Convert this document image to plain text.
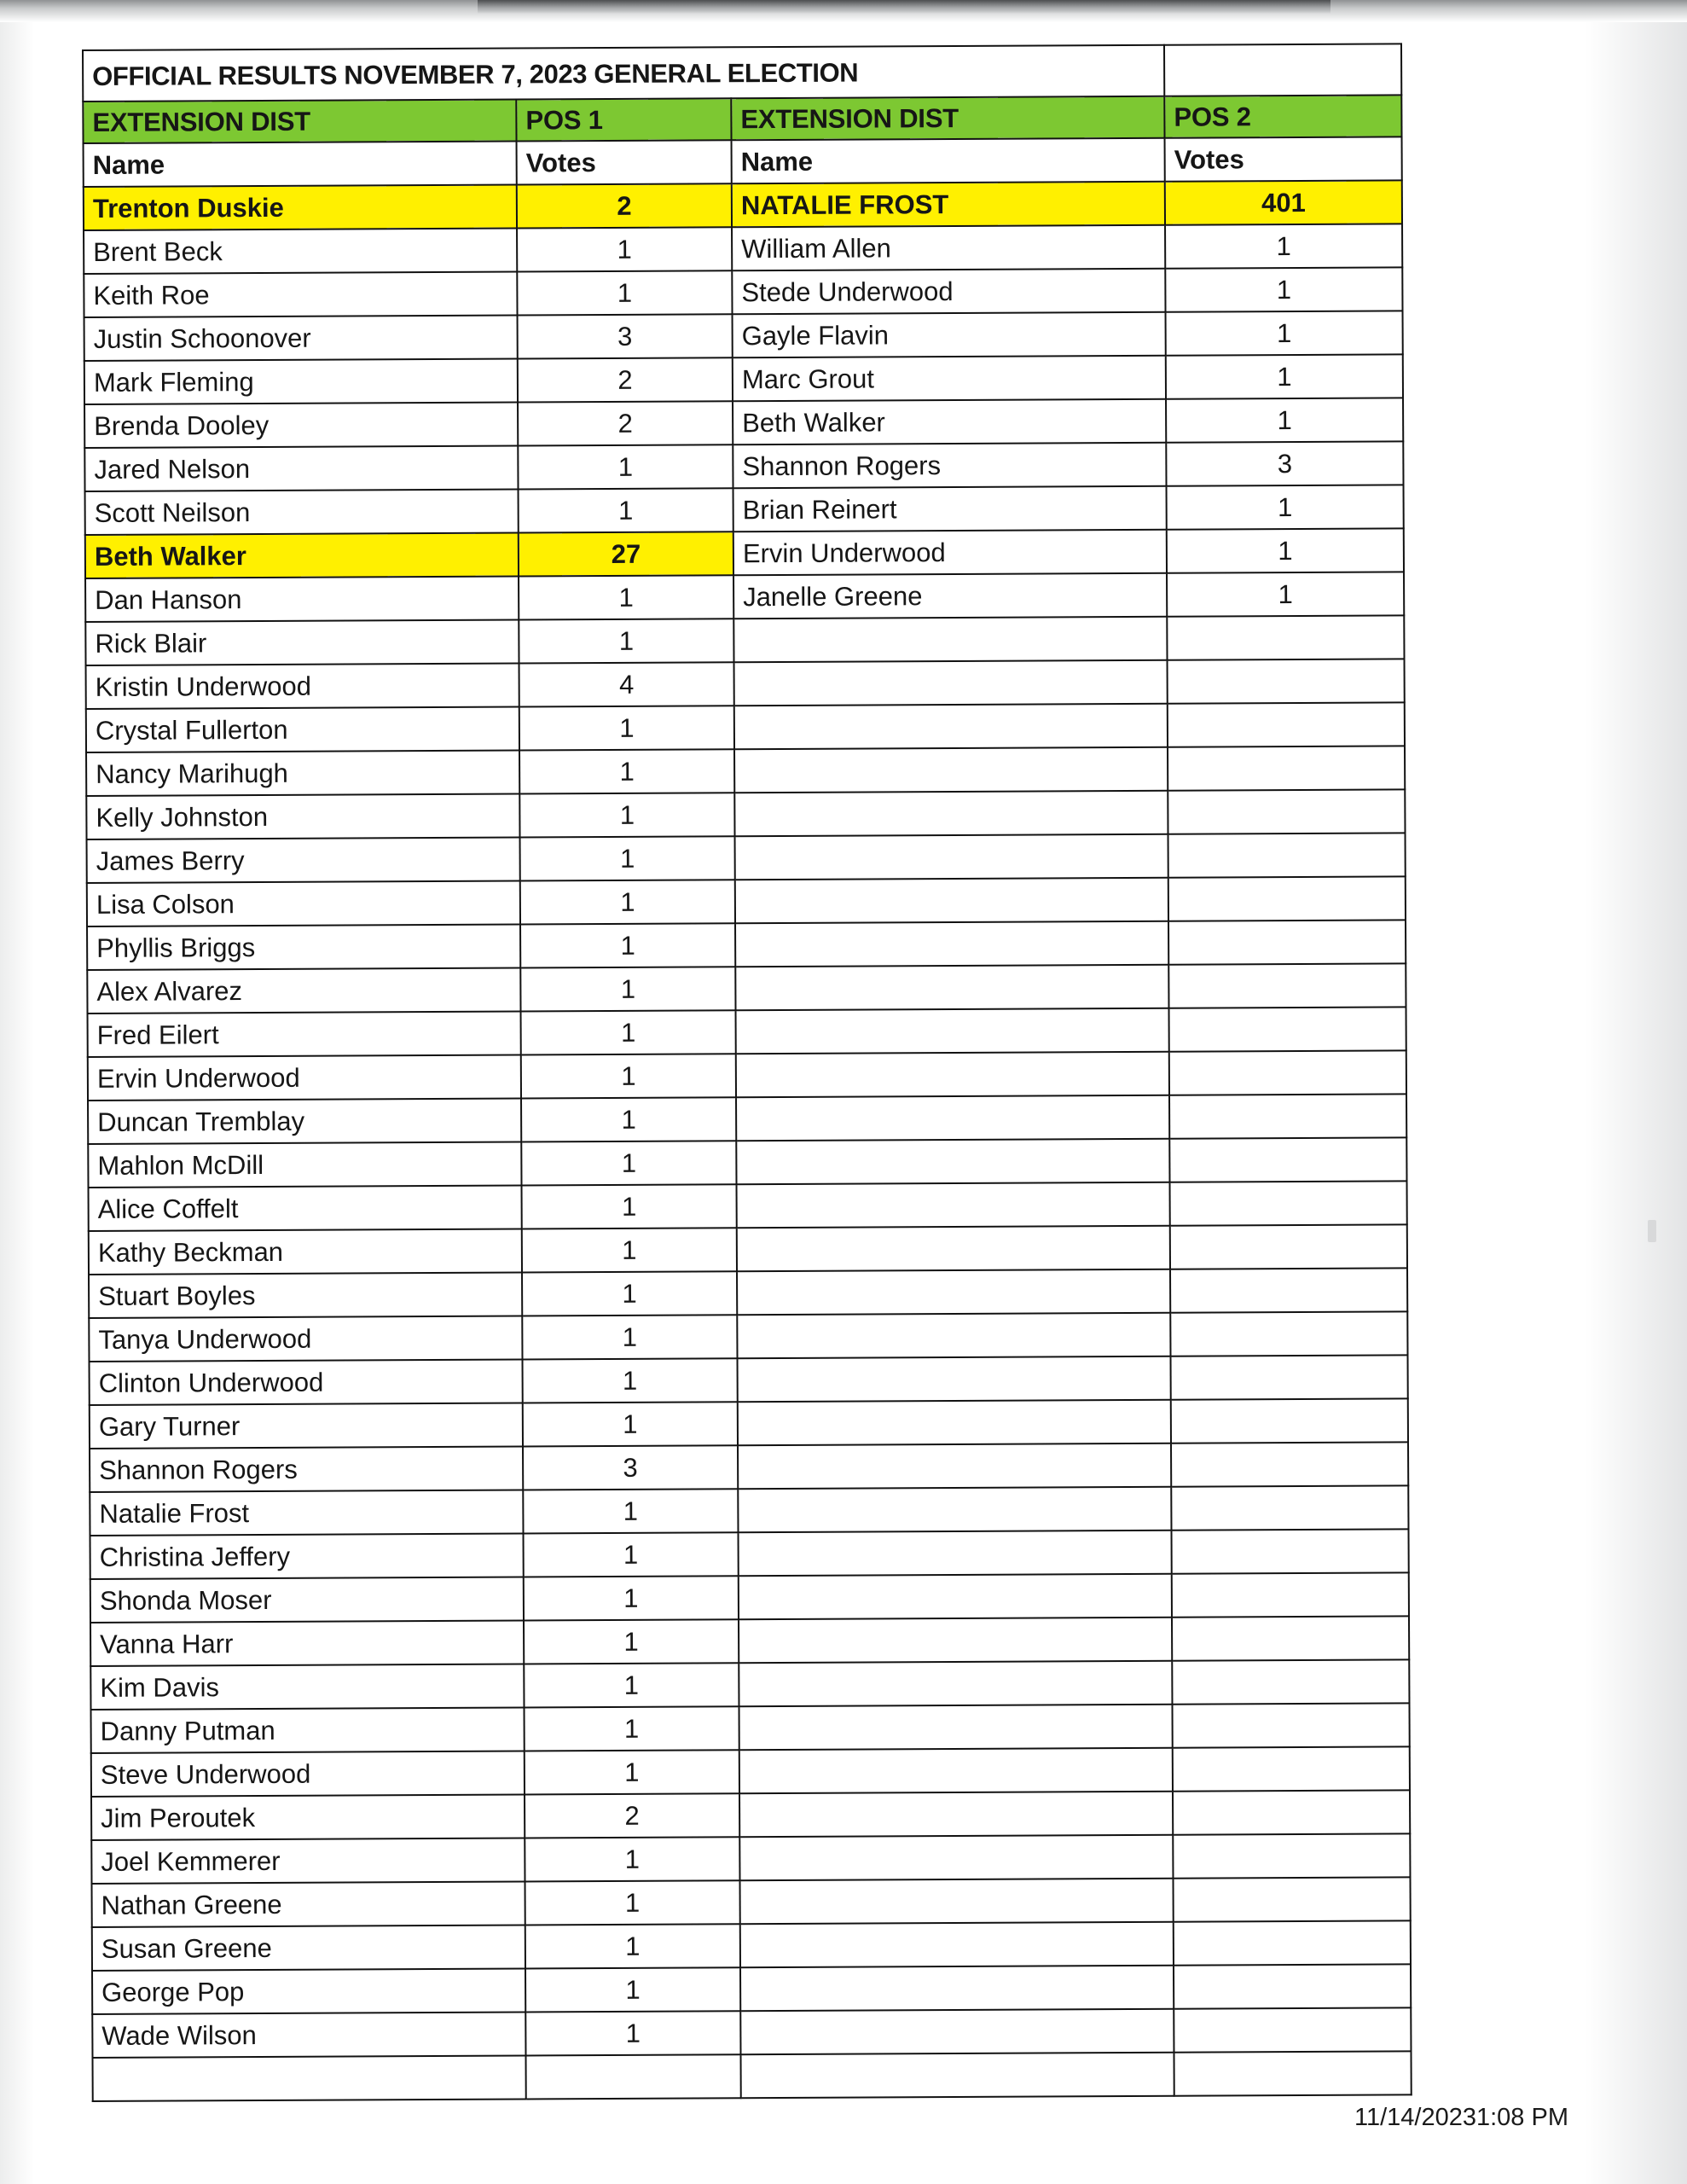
OFFICIAL RESULTS NOVEMBER 7, 2023 GENERAL ELECTION			
EXTENSION DIST	POS 1	EXTENSION DIST	POS 2
Name	Votes	Name	Votes
Trenton Duskie	2	NATALIE FROST	401
Brent Beck	1	William Allen	1
Keith Roe	1	Stede Underwood	1
Justin Schoonover	3	Gayle Flavin	1
Mark Fleming	2	Marc Grout	1
Brenda Dooley	2	Beth Walker	1
Jared Nelson	1	Shannon Rogers	3
Scott Neilson	1	Brian Reinert	1
Beth Walker	27	Ervin Underwood	1
Dan Hanson	1	Janelle Greene	1
Rick Blair	1		
Kristin Underwood	4		
Crystal Fullerton	1		
Nancy Marihugh	1		
Kelly Johnston	1		
James Berry	1		
Lisa Colson	1		
Phyllis Briggs	1		
Alex Alvarez	1		
Fred Eilert	1		
Ervin Underwood	1		
Duncan Tremblay	1		
Mahlon McDill	1		
Alice Coffelt	1		
Kathy Beckman	1		
Stuart Boyles	1		
Tanya Underwood	1		
Clinton Underwood	1		
Gary Turner	1		
Shannon Rogers	3		
Natalie Frost	1		
Christina Jeffery	1		
Shonda Moser	1		
Vanna Harr	1		
Kim Davis	1		
Danny Putman	1		
Steve Underwood	1		
Jim Peroutek	2		
Joel Kemmerer	1		
Nathan Greene	1		
Susan Greene	1		
George Pop	1		
Wade Wilson	1		

11/14/20231:08 PM
